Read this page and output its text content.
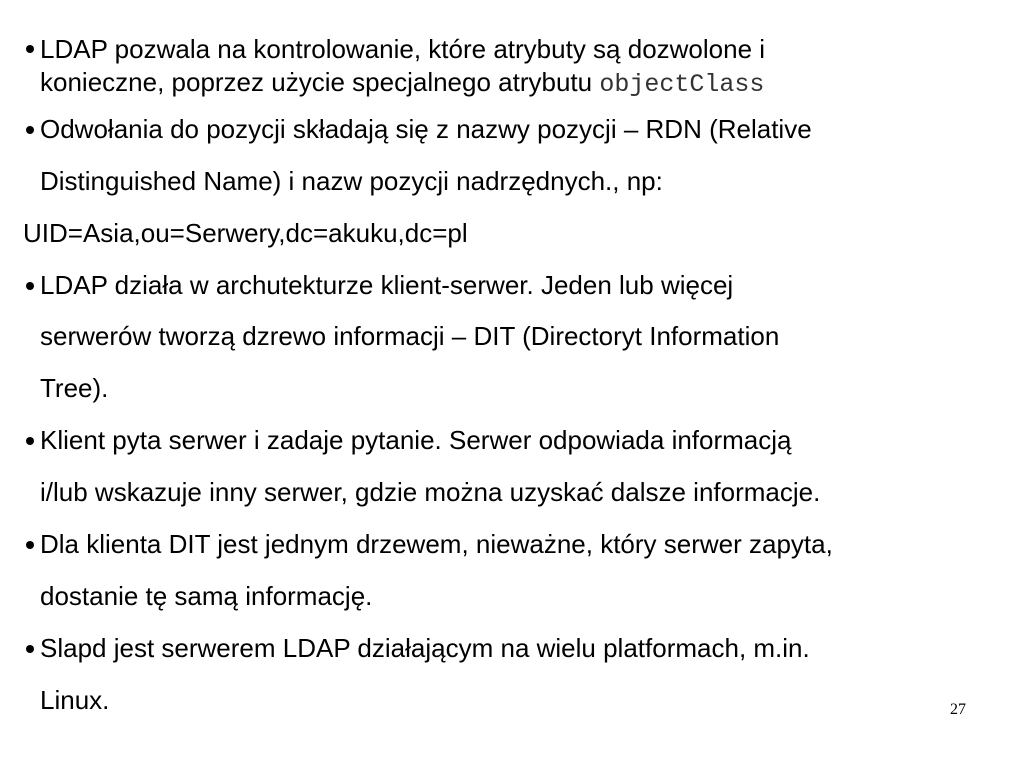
LDAP pozwala na kontrolowanie, które atrybuty są dozwolone i
konieczne, poprzez użycie specjalnego atrybutu objectClass
Odwołania do pozycji składają się z nazwy pozycji – RDN (Relative
Distinguished Name) i nazw pozycji nadrzędnych., np:
UID=Asia,ou=Serwery,dc=akuku,dc=pl
LDAP działa w archutekturze klient-serwer. Jeden lub więcej
serwerów tworzą dzrewo informacji – DIT (Directoryt Information
Tree).
Klient pyta serwer i zadaje pytanie. Serwer odpowiada informacją
i/lub wskazuje inny serwer, gdzie można uzyskać dalsze informacje.
Dla klienta DIT jest jednym drzewem, nieważne, który serwer zapyta,
dostanie tę samą informację.
Slapd jest serwerem LDAP działającym na wielu platformach, m.in.
Linux.	27
